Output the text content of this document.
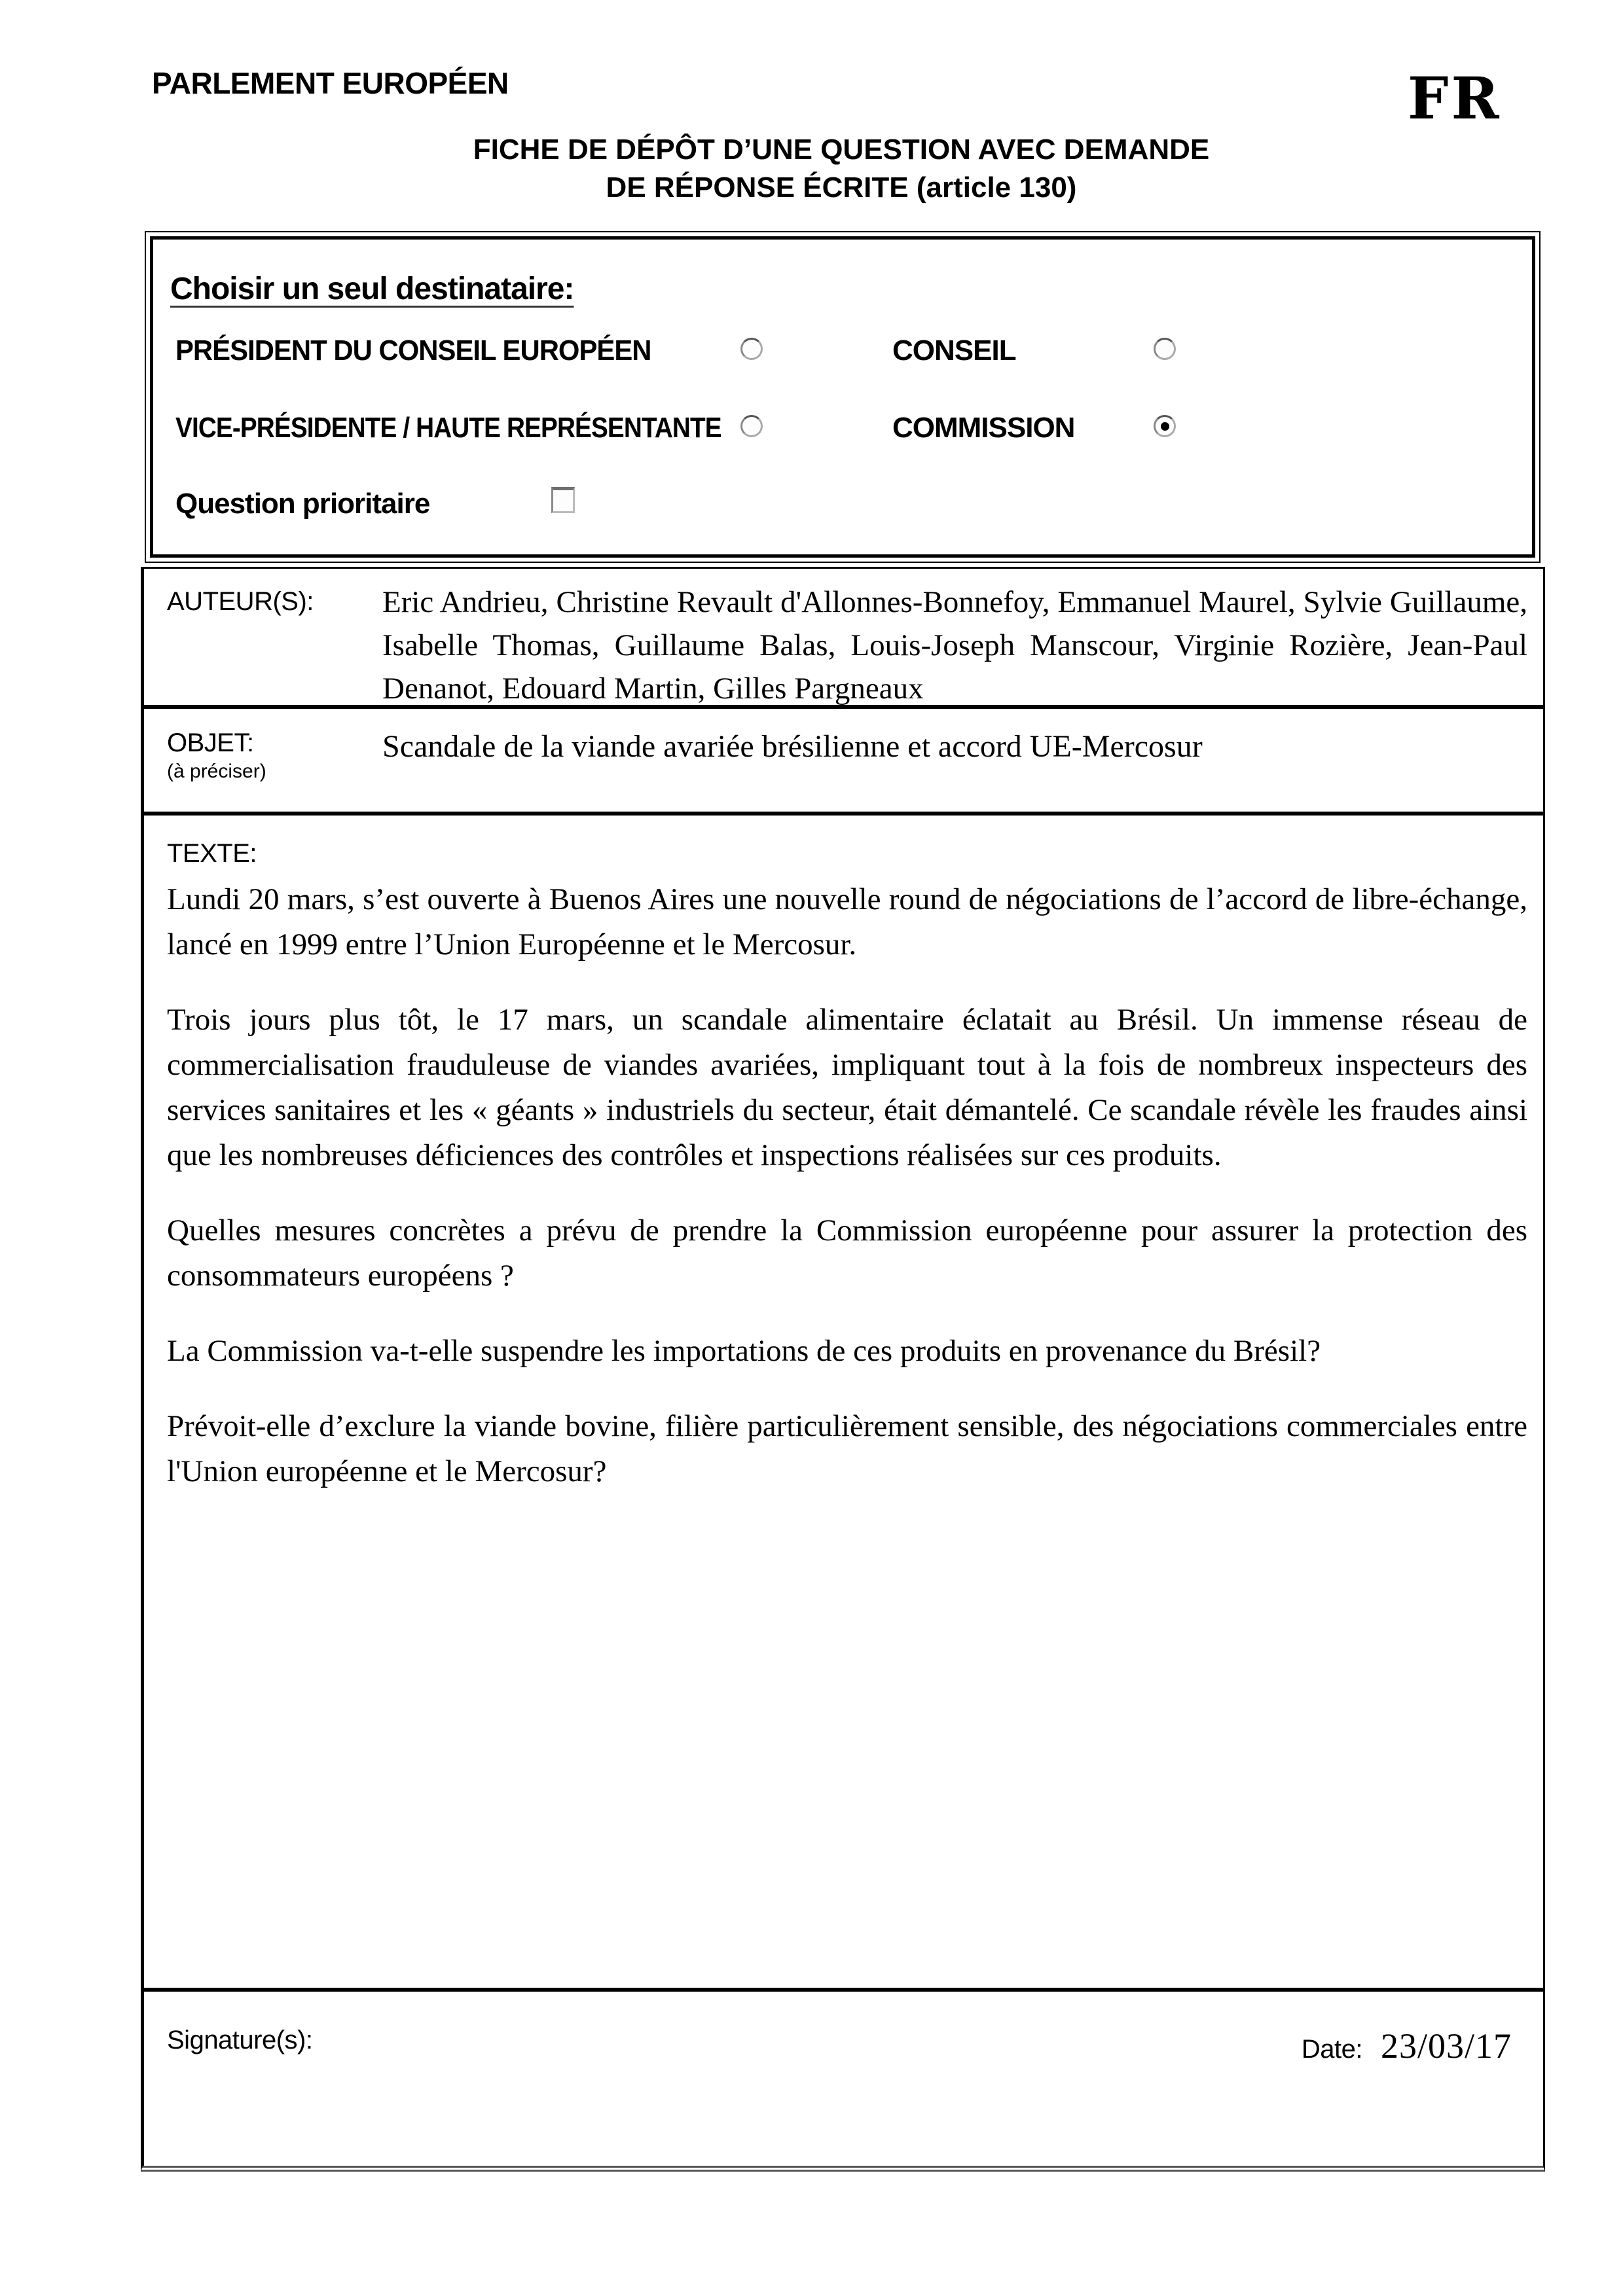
PARLEMENT EUROPÉEN	FR
FICHE DE DÉPÔT D’UNE QUESTION AVEC DEMANDE
DE RÉPONSE ÉCRITE (article 130)
Choisir un seul destinataire:
PRÉSIDENT DU CONSEIL EUROPÉEN	CONSEIL
VICE-PRÉSIDENTE / HAUTE REPRÉSENTANTE	COMMISSION
Question prioritaire
AUTEUR(S):	Eric Andrieu, Christine Revault d'Allonnes-Bonnefoy, Emmanuel Maurel, Sylvie Guillaume, Isabelle Thomas, Guillaume Balas, Louis-Joseph Manscour, Virginie Rozière, Jean-Paul Denanot, Edouard Martin, Gilles Pargneaux
OBJET:
(à préciser)
Scandale de la viande avariée brésilienne et accord UE-Mercosur
TEXTE:

Lundi 20 mars, s’est ouverte à Buenos Aires une nouvelle round de négociations de l’accord de libre-échange, lancé en 1999 entre l’Union Européenne et le Mercosur.

Trois jours plus tôt, le 17 mars, un scandale alimentaire éclatait au Brésil. Un immense réseau de commercialisation frauduleuse de viandes avariées, impliquant tout à la fois de nombreux inspecteurs des services sanitaires et les « géants » industriels du secteur, était démantelé. Ce scandale révèle les fraudes ainsi que les nombreuses déficiences des contrôles et inspections réalisées sur ces produits.

Quelles mesures concrètes a prévu de prendre la Commission européenne pour assurer la protection des consommateurs européens ?

La Commission va-t-elle suspendre les importations de ces produits en provenance du Brésil?

Prévoit-elle d’exclure la viande bovine, filière particulièrement sensible, des négociations commerciales entre l'Union européenne et le Mercosur?

Signature(s):	Date: 23/03/17
